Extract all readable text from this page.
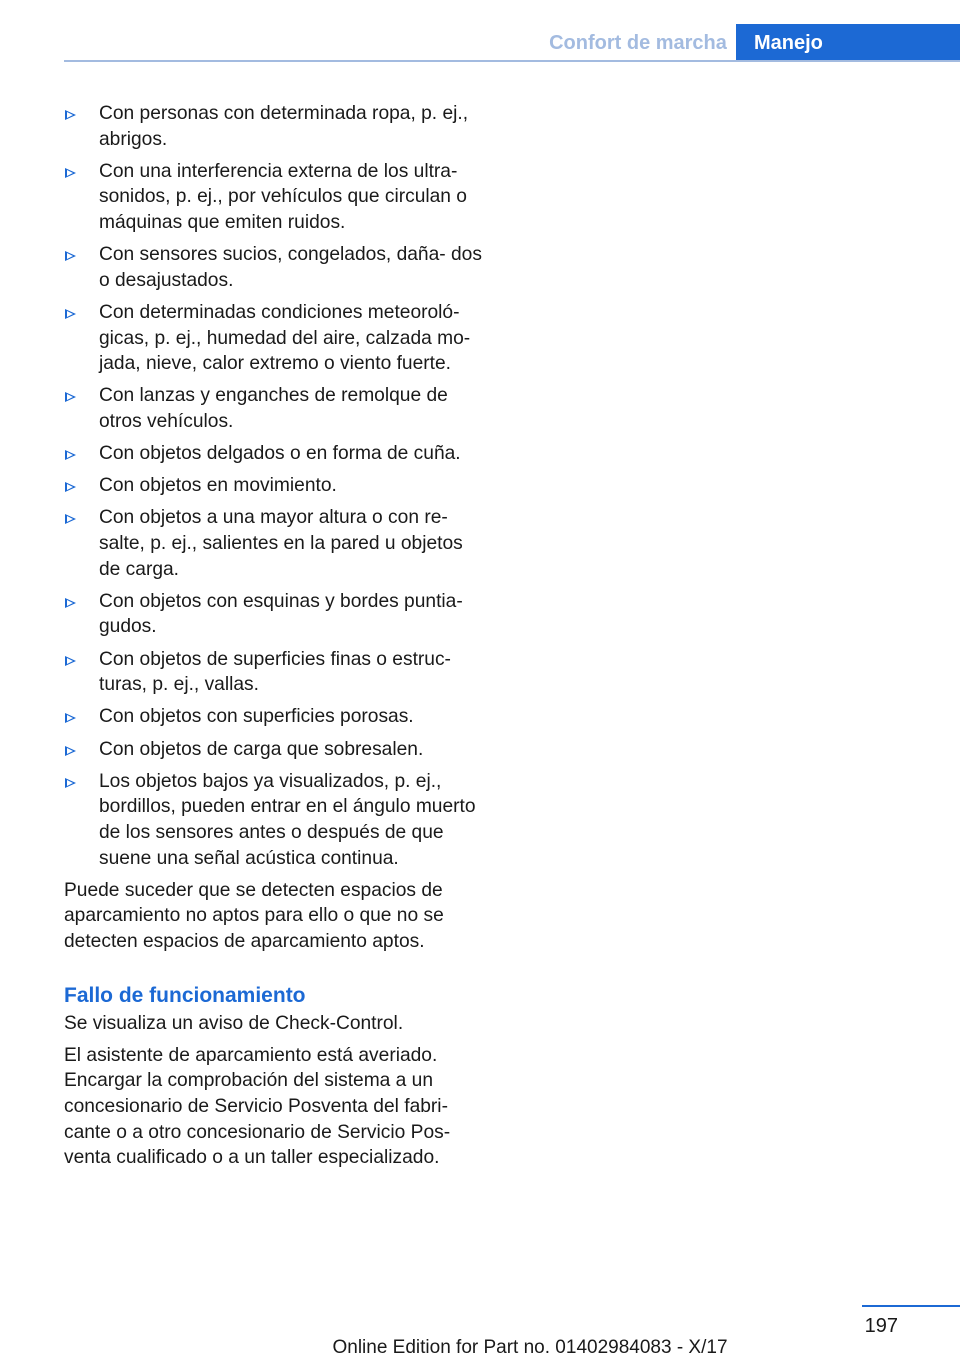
Confort de marcha	Manejo
Con personas con determinada ropa, p. ej., abrigos.
Con una interferencia externa de los ultra‐ sonidos, p. ej., por vehículos que circulan o máquinas que emiten ruidos.
Con sensores sucios, congelados, daña‐ dos o desajustados.
Con determinadas condiciones meteoroló‐ gicas, p. ej., humedad del aire, calzada mo‐ jada, nieve, calor extremo o viento fuerte.
Con lanzas y enganches de remolque de otros vehículos.
Con objetos delgados o en forma de cuña.
Con objetos en movimiento.
Con objetos a una mayor altura o con re‐ salte, p. ej., salientes en la pared u objetos de carga.
Con objetos con esquinas y bordes puntia‐ gudos.
Con objetos de superficies finas o estruc‐ turas, p. ej., vallas.
Con objetos con superficies porosas.
Con objetos de carga que sobresalen.
Los objetos bajos ya visualizados, p. ej., bordillos, pueden entrar en el ángulo muerto de los sensores antes o después de que suene una señal acústica continua.

Puede suceder que se detecten espacios de aparcamiento no aptos para ello o que no se detecten espacios de aparcamiento aptos.

Fallo de funcionamiento

Se visualiza un aviso de Check-Control.

El asistente de aparcamiento está averiado. Encargar la comprobación del sistema a un concesionario de Servicio Posventa del fabri‐ cante o a otro concesionario de Servicio Pos‐ venta cualificado o a un taller especializado.

197
Online Edition for Part no. 01402984083 - X/17
